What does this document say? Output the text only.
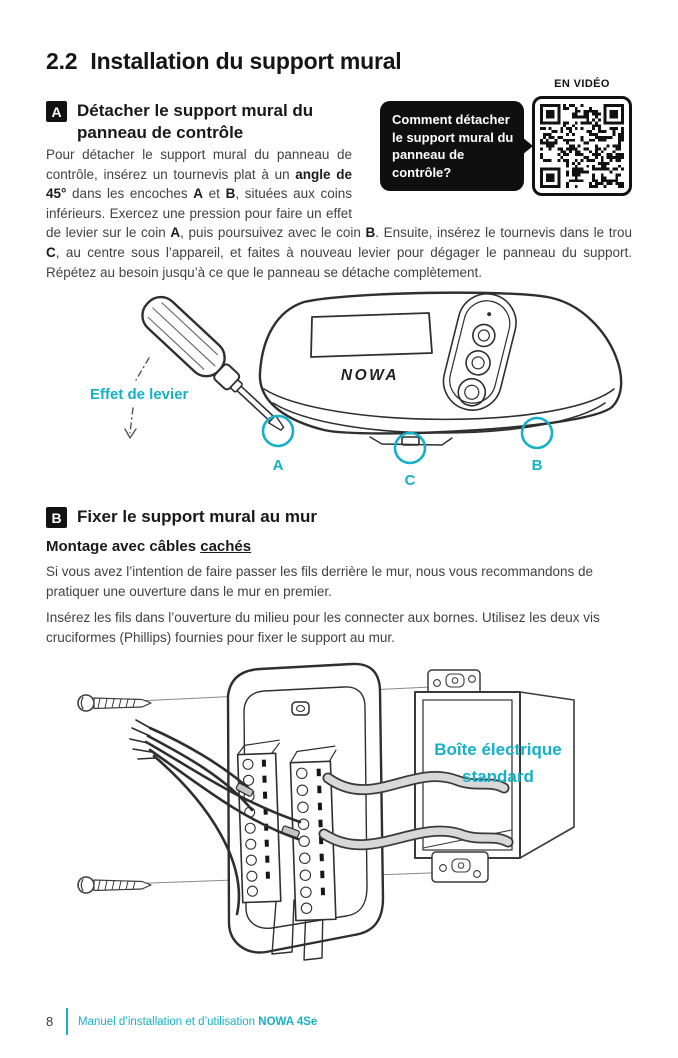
2.2 Installation du support mural
A Détacher le support mural du
panneau de contrôle
EN VIDÉO
Comment détacher le support mural du panneau de contrôle?

Pour détacher le support mural du panneau de contrôle, insérez un tournevis plat à un angle de 45° dans les encoches A et B, situées aux coins inférieurs. Exercez une pression pour faire un effet de levier sur le coin A, puis poursuivez avec le coin B. Ensuite, insérez le tournevis dans le trou C, au centre sous l’appareil, et faites à nouveau levier pour dégager le panneau du support. Répétez au besoin jusqu’à ce que le panneau se détache complètement.

NOWA
Effet de levier
A
C
B
B Fixer le support mural au mur
Montage avec câbles cachés

Si vous avez l’intention de faire passer les fils derrière le mur, nous vous recommandons de pratiquer une ouverture dans le mur en premier.

Insérez les fils dans l’ouverture du milieu pour les connecter aux bornes. Utilisez les deux vis cruciformes (Phillips) fournies pour fixer le support au mur.

Boîte électrique
standard
8	Manuel d’installation et d’utilisation NOWA 4Se
